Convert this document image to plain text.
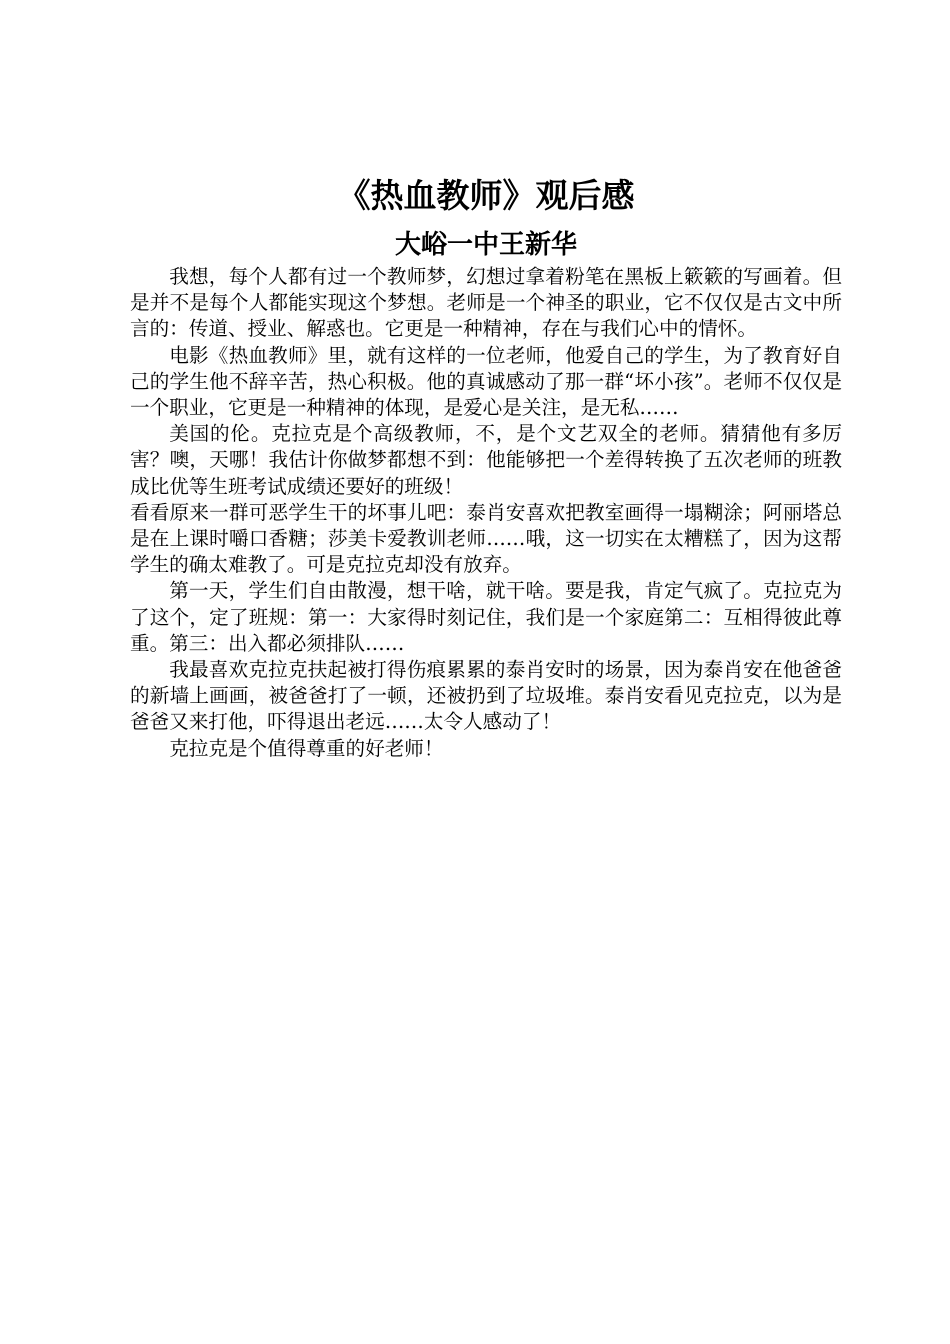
《热血教师》观后感
大峪一中王新华

我想，每个人都有过一个教师梦，幻想过拿着粉笔在黑板上簌簌的写画着。但是并不是每个人都能实现这个梦想。老师是一个神圣的职业，它不仅仅是古文中所言的：传道、授业、解惑也。它更是一种精神，存在与我们心中的情怀。

电影《热血教师》里，就有这样的一位老师，他爱自己的学生，为了教育好自己的学生他不辞辛苦，热心积极。他的真诚感动了那一群“坏小孩”。老师不仅仅是一个职业，它更是一种精神的体现，是爱心是关注，是无私……

美国的伦。克拉克是个高级教师，不，是个文艺双全的老师。猜猜他有多厉害？噢，天哪！我估计你做梦都想不到：他能够把一个差得转换了五次老师的班教成比优等生班考试成绩还要好的班级！

看看原来一群可恶学生干的坏事儿吧：泰肖安喜欢把教室画得一塌糊涂；阿丽塔总是在上课时嚼口香糖；莎美卡爱教训老师……哦，这一切实在太糟糕了，因为这帮学生的确太难教了。可是克拉克却没有放弃。

第一天，学生们自由散漫，想干啥，就干啥。要是我，肯定气疯了。克拉克为了这个，定了班规：第一：大家得时刻记住，我们是一个家庭第二：互相得彼此尊重。第三：出入都必须排队……

我最喜欢克拉克扶起被打得伤痕累累的泰肖安时的场景，因为泰肖安在他爸爸的新墙上画画，被爸爸打了一顿，还被扔到了垃圾堆。泰肖安看见克拉克，以为是爸爸又来打他，吓得退出老远……太令人感动了！

克拉克是个值得尊重的好老师！
